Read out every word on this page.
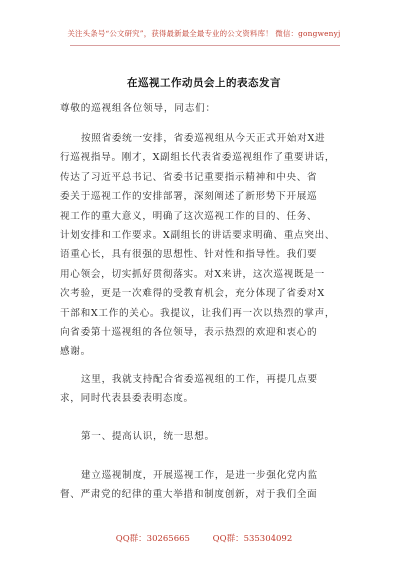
关注头条号“公文研究”，获得最新最全最专业的公文资料库！ 微信：gongwenyj
在巡视工作动员会上的表态发言
尊敬的巡视组各位领导，同志们：
按照省委统一安排，省委巡视组从今天正式开始对X进
行巡视指导。刚才，X副组长代表省委巡视组作了重要讲话，
传达了习近平总书记、省委书记重要指示精神和中央、省
委关于巡视工作的安排部署，深刻阐述了新形势下开展巡
视工作的重大意义，明确了这次巡视工作的目的、任务、
计划安排和工作要求。X副组长的讲话要求明确、重点突出、
语重心长，具有很强的思想性、针对性和指导性。我们要
用心领会，切实抓好贯彻落实。对X来讲，这次巡视既是一
次考验，更是一次难得的受教育机会，充分体现了省委对X
干部和X工作的关心。我提议，让我们再一次以热烈的掌声，
向省委第十巡视组的各位领导，表示热烈的欢迎和衷心的
感谢。
这里，我就支持配合省委巡视组的工作，再提几点要
求，同时代表县委表明态度。
第一、提高认识，统一思想。
建立巡视制度，开展巡视工作，是进一步强化党内监
督、严肃党的纪律的重大举措和制度创新，对于我们全面
QQ群：30265665	QQ群：535304092
